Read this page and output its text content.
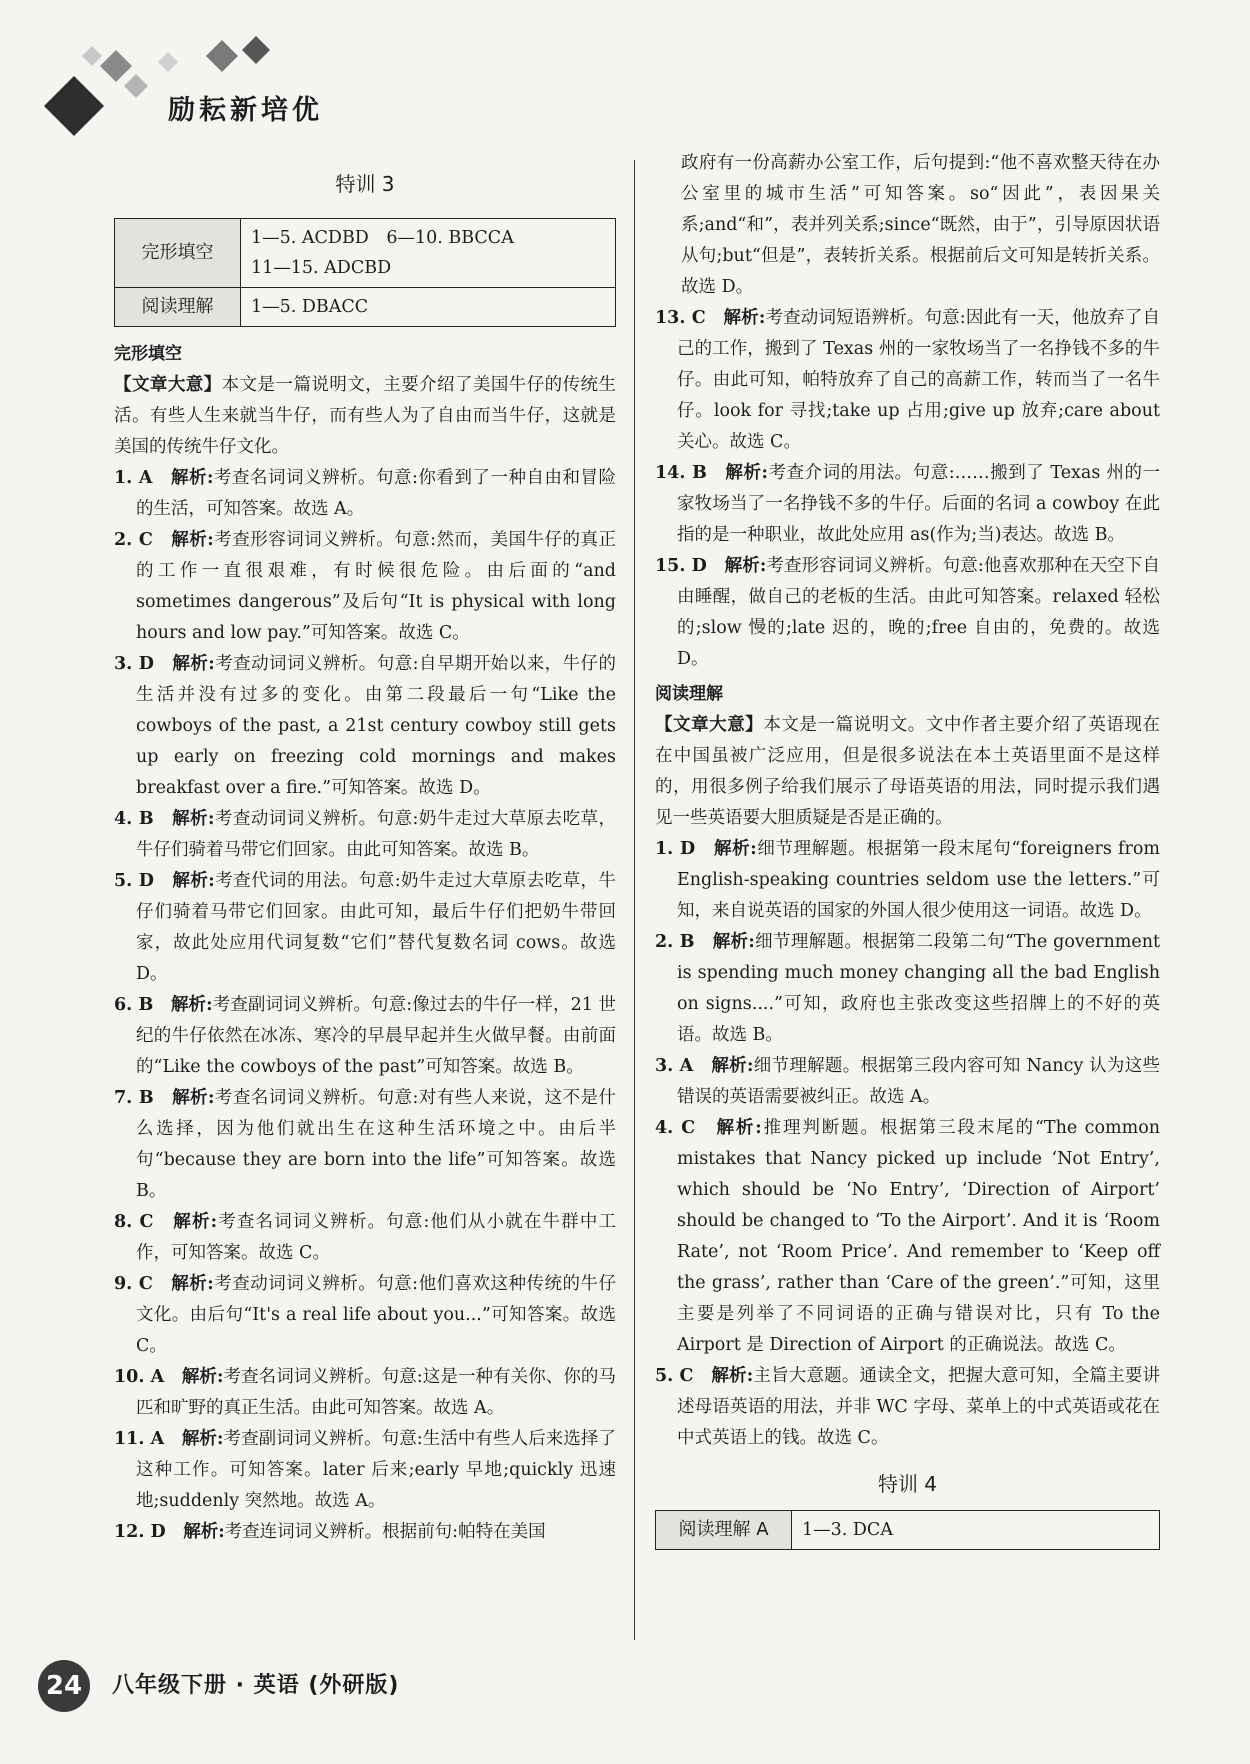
励耘新培优
特训 3
完形填空	1—5. ACDBD　6—10. BBCCA
11—15. ADCBD

阅读理解	1—5. DBACC
完形填空
【文章大意】本文是一篇说明文，主要介绍了美国牛仔的传统生活。有些人生来就当牛仔，而有些人为了自由而当牛仔，这就是美国的传统牛仔文化。
1. A　 解析:考查名词词义辨析。句意:你看到了一种自由和冒险的生活，可知答案。故选 A。
2. C　 解析:考查形容词词义辨析。句意:然而，美国牛仔的真正的工作一直很艰难，有时候很危险。由后面的“and sometimes dangerous”及后句“It is physical with long hours and low pay.”可知答案。故选 C。
3. D　 解析:考查动词词义辨析。句意:自早期开始以来，牛仔的生活并没有过多的变化。由第二段最后一句“Like the cowboys of the past, a 21st century cowboy still gets up early on freezing cold mornings and makes breakfast over a fire.”可知答案。故选 D。
4. B　 解析:考查动词词义辨析。句意:奶牛走过大草原去吃草，牛仔们骑着马带它们回家。由此可知答案。故选 B。
5. D　 解析:考查代词的用法。句意:奶牛走过大草原去吃草，牛仔们骑着马带它们回家。由此可知，最后牛仔们把奶牛带回家，故此处应用代词复数“它们”替代复数名词 cows。故选 D。
6. B　 解析:考查副词词义辨析。句意:像过去的牛仔一样，21 世纪的牛仔依然在冰冻、寒冷的早晨早起并生火做早餐。由前面的“Like the cowboys of the past”可知答案。故选 B。
7. B　 解析:考查名词词义辨析。句意:对有些人来说，这不是什么选择，因为他们就出生在这种生活环境之中。由后半句“because they are born into the life”可知答案。故选 B。
8. C　 解析:考查名词词义辨析。句意:他们从小就在牛群中工作，可知答案。故选 C。
9. C　 解析:考查动词词义辨析。句意:他们喜欢这种传统的牛仔文化。由后句“It's a real life about you...”可知答案。故选 C。
10. A　 解析:考查名词词义辨析。句意:这是一种有关你、你的马匹和旷野的真正生活。由此可知答案。故选 A。
11. A　 解析:考查副词词义辨析。句意:生活中有些人后来选择了这种工作。可知答案。later 后来;early 早地;quickly 迅速地;suddenly 突然地。故选 A。
12. D　 解析:考查连词词义辨析。根据前句:帕特在美国
政府有一份高薪办公室工作，后句提到:“他不喜欢整天待在办公室里的城市生活”可知答案。so“因此”，表因果关系;and“和”，表并列关系;since“既然，由于”，引导原因状语从句;but“但是”，表转折关系。根据前后文可知是转折关系。故选 D。
13. C　 解析:考查动词短语辨析。句意:因此有一天，他放弃了自己的工作，搬到了 Texas 州的一家牧场当了一名挣钱不多的牛仔。由此可知，帕特放弃了自己的高薪工作，转而当了一名牛仔。look for 寻找;take up 占用;give up 放弃;care about 关心。故选 C。
14. B　 解析:考查介词的用法。句意:……搬到了 Texas 州的一家牧场当了一名挣钱不多的牛仔。后面的名词 a cowboy 在此指的是一种职业，故此处应用 as(作为;当)表达。故选 B。
15. D　 解析:考查形容词词义辨析。句意:他喜欢那种在天空下自由睡醒，做自己的老板的生活。由此可知答案。relaxed 轻松的;slow 慢的;late 迟的，晚的;free 自由的，免费的。故选 D。
阅读理解
【文章大意】本文是一篇说明文。文中作者主要介绍了英语现在在中国虽被广泛应用，但是很多说法在本土英语里面不是这样的，用很多例子给我们展示了母语英语的用法，同时提示我们遇见一些英语要大胆质疑是否是正确的。
1. D　 解析:细节理解题。根据第一段末尾句“foreigners from English-speaking countries seldom use the letters.”可知，来自说英语的国家的外国人很少使用这一词语。故选 D。
2. B　 解析:细节理解题。根据第二段第二句“The government is spending much money changing all the bad English on signs....”可知，政府也主张改变这些招牌上的不好的英语。故选 B。
3. A　 解析:细节理解题。根据第三段内容可知 Nancy 认为这些错误的英语需要被纠正。故选 A。
4. C　 解析:推理判断题。根据第三段末尾的“The common mistakes that Nancy picked up include ‘Not Entry’, which should be ‘No Entry’, ‘Direction of Airport’ should be changed to ‘To the Airport’. And it is ‘Room Rate’, not ‘Room Price’. And remember to ‘Keep off the grass’, rather than ‘Care of the green’.”可知，这里主要是列举了不同词语的正确与错误对比，只有 To the Airport 是 Direction of Airport 的正确说法。故选 C。
5. C　 解析:主旨大意题。通读全文，把握大意可知，全篇主要讲述母语英语的用法，并非 WC 字母、菜单上的中式英语或花在中式英语上的钱。故选 C。
特训 4
阅读理解 A	1—3. DCA
24	八年级下册 · 英语 (外研版)
